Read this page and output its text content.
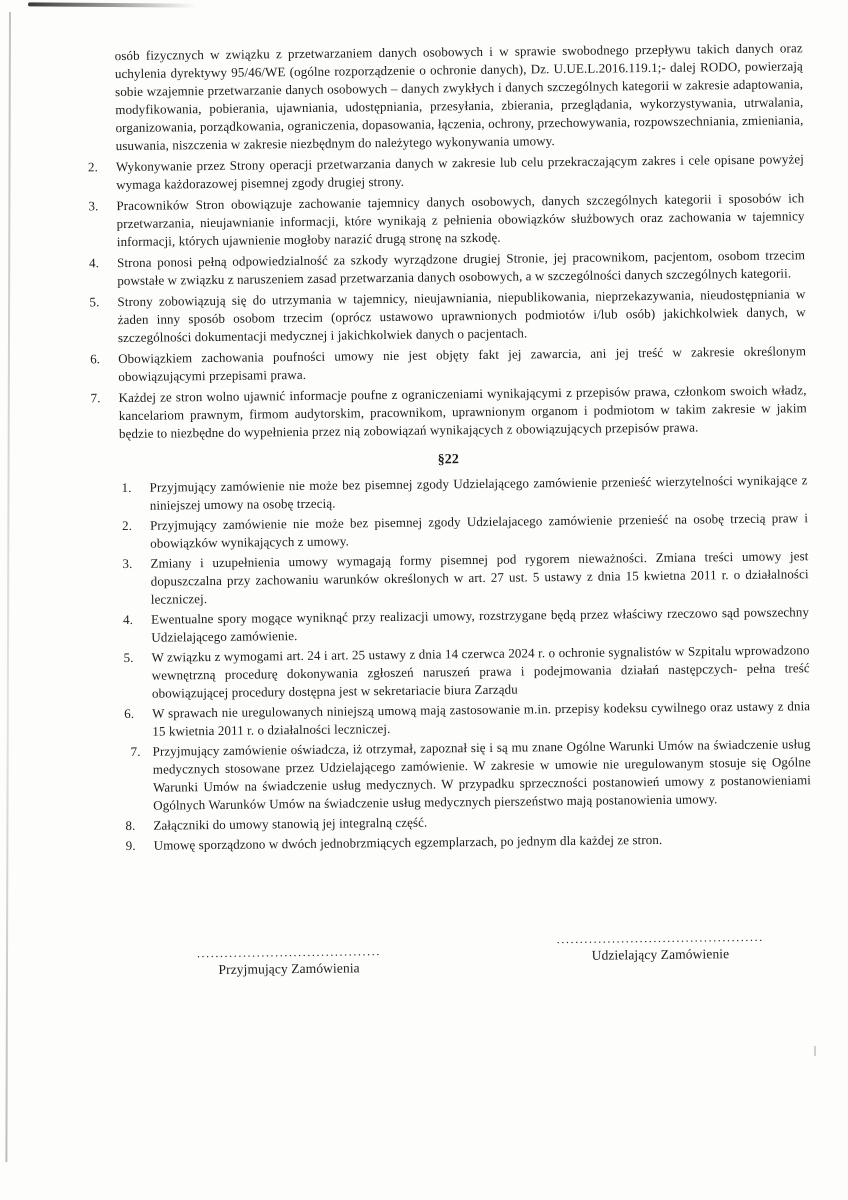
osób fizycznych w związku z przetwarzaniem danych osobowych i w sprawie swobodnego przepływu takich danych oraz uchylenia dyrektywy 95/46/WE (ogólne rozporządzenie o ochronie danych), Dz. U.UE.L.2016.119.1;- dalej RODO, powierzają sobie wzajemnie przetwarzanie danych osobowych – danych zwykłych i danych szczególnych kategorii w zakresie adaptowania, modyfikowania, pobierania, ujawniania, udostępniania, przesyłania, zbierania, przeglądania, wykorzystywania, utrwalania, organizowania, porządkowania, ograniczenia, dopasowania, łączenia, ochrony, przechowywania, rozpowszechniania, zmieniania, usuwania, niszczenia w zakresie niezbędnym do należytego wykonywania umowy.

2.	Wykonywanie przez Strony operacji przetwarzania danych w zakresie lub celu przekraczającym zakres i cele opisane powyżej wymaga każdorazowej pisemnej zgody drugiej strony.
3.	Pracowników Stron obowiązuje zachowanie tajemnicy danych osobowych, danych szczególnych kategorii i sposobów ich przetwarzania, nieujawnianie informacji, które wynikają z pełnienia obowiązków służbowych oraz zachowania w tajemnicy informacji, których ujawnienie mogłoby narazić drugą stronę na szkodę.
4.	Strona ponosi pełną odpowiedzialność za szkody wyrządzone drugiej Stronie, jej pracownikom, pacjentom, osobom trzecim powstałe w związku z naruszeniem zasad przetwarzania danych osobowych, a w szczególności danych szczególnych kategorii.
5.	Strony zobowiązują się do utrzymania w tajemnicy, nieujawniania, niepublikowania, nieprzekazywania, nieudostępniania w żaden inny sposób osobom trzecim (oprócz ustawowo uprawnionych podmiotów i/lub osób) jakichkolwiek danych, w szczególności dokumentacji medycznej i jakichkolwiek danych o pacjentach.
6.	Obowiązkiem zachowania poufności umowy nie jest objęty fakt jej zawarcia, ani jej treść w zakresie określonym obowiązującymi przepisami prawa.
7.	Każdej ze stron wolno ujawnić informacje poufne z ograniczeniami wynikającymi z przepisów prawa, członkom swoich władz, kancelariom prawnym, firmom audytorskim, pracownikom, uprawnionym organom i podmiotom w takim zakresie w jakim będzie to niezbędne do wypełnienia przez nią zobowiązań wynikających z obowiązujących przepisów prawa.
§22
1.	Przyjmujący zamówienie nie może bez pisemnej zgody Udzielającego zamówienie przenieść wierzytelności wynikające z niniejszej umowy na osobę trzecią.
2.	Przyjmujący zamówienie nie może bez pisemnej zgody Udzielajacego zamówienie przenieść na osobę trzecią praw i obowiązków wynikających z umowy.
3.	Zmiany i uzupełnienia umowy wymagają formy pisemnej pod rygorem nieważności. Zmiana treści umowy jest dopuszczalna przy zachowaniu warunków określonych w art. 27 ust. 5 ustawy z dnia 15 kwietna 2011 r. o działalności leczniczej.
4.	Ewentualne spory mogące wyniknąć przy realizacji umowy, rozstrzygane będą przez właściwy rzeczowo sąd powszechny Udzielającego zamówienie.
5.	W związku z wymogami art. 24 i art. 25 ustawy z dnia 14 czerwca 2024 r. o ochronie sygnalistów w Szpitalu wprowadzono wewnętrzną procedurę dokonywania zgłoszeń naruszeń prawa i podejmowania działań następczych- pełna treść obowiązującej procedury dostępna jest w sekretariacie biura Zarządu
6.	W sprawach nie uregulowanych niniejszą umową mają zastosowanie m.in. przepisy kodeksu cywilnego oraz ustawy z dnia 15 kwietnia 2011 r. o działalności leczniczej.
7. Przyjmujący zamówienie oświadcza, iż otrzymał, zapoznał się i są mu znane Ogólne Warunki Umów na świadczenie usług medycznych stosowane przez Udzielającego zamówienie. W zakresie w umowie nie uregulowanym stosuje się Ogólne Warunki Umów na świadczenie usług medycznych. W przypadku sprzeczności postanowień umowy z postanowieniami Ogólnych Warunków Umów na świadczenie usług medycznych pierszeństwo mają postanowienia umowy.
8.	Załączniki do umowy stanowią jej integralną część.
9.	Umowę sporządzono w dwóch jednobrzmiących egzemplarzach, po jednym dla każdej ze stron.
........................................
Przyjmujący Zamówienia
.............................................
Udzielający Zamówienie
